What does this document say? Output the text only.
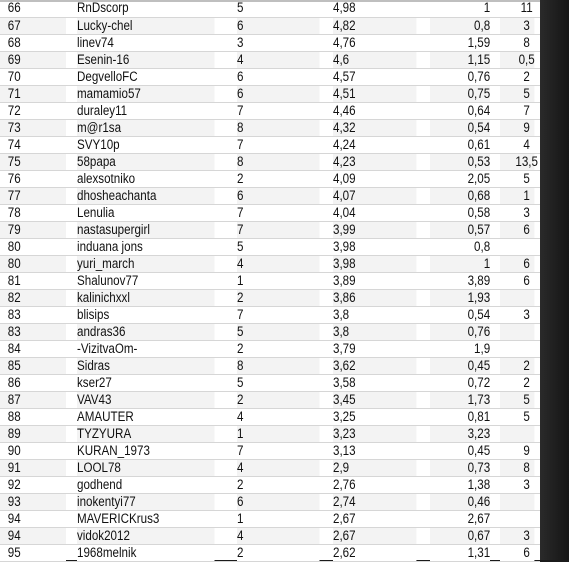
66	RnDscorp	5	4,98	1	11
67	Lucky-chel	6	4,82	0,8	3
68	linev74	3	4,76	1,59	8
69	Esenin-16	4	4,6	1,15	0,5
70	DegvelloFC	6	4,57	0,76	2
71	mamamio57	6	4,51	0,75	5
72	duraley11	7	4,46	0,64	7
73	m@r1sa	8	4,32	0,54	9
74	SVY10p	7	4,24	0,61	4
75	58papa	8	4,23	0,53	13,5
76	alexsotniko	2	4,09	2,05	5
77	dhosheachanta	6	4,07	0,68	1
78	Lenulia	7	4,04	0,58	3
79	nastasupergirl	7	3,99	0,57	6
80	induana jons	5	3,98	0,8	
80	yuri_march	4	3,98	1	6
81	Shalunov77	1	3,89	3,89	6
82	kalinichxxl	2	3,86	1,93	
83	blisips	7	3,8	0,54	3
83	andras36	5	3,8	0,76	
84	-VizitvaOm-	2	3,79	1,9	
85	Sidras	8	3,62	0,45	2
86	kser27	5	3,58	0,72	2
87	VAV43	2	3,45	1,73	5
88	AMAUTER	4	3,25	0,81	5
89	TYZYURA	1	3,23	3,23	
90	KURAN_1973	7	3,13	0,45	9
91	LOOL78	4	2,9	0,73	8
92	godhend	2	2,76	1,38	3
93	inokentyi77	6	2,74	0,46	
94	MAVERICKrus3	1	2,67	2,67	
94	vidok2012	4	2,67	0,67	3
95	1968melnik	2	2,62	1,31	6
